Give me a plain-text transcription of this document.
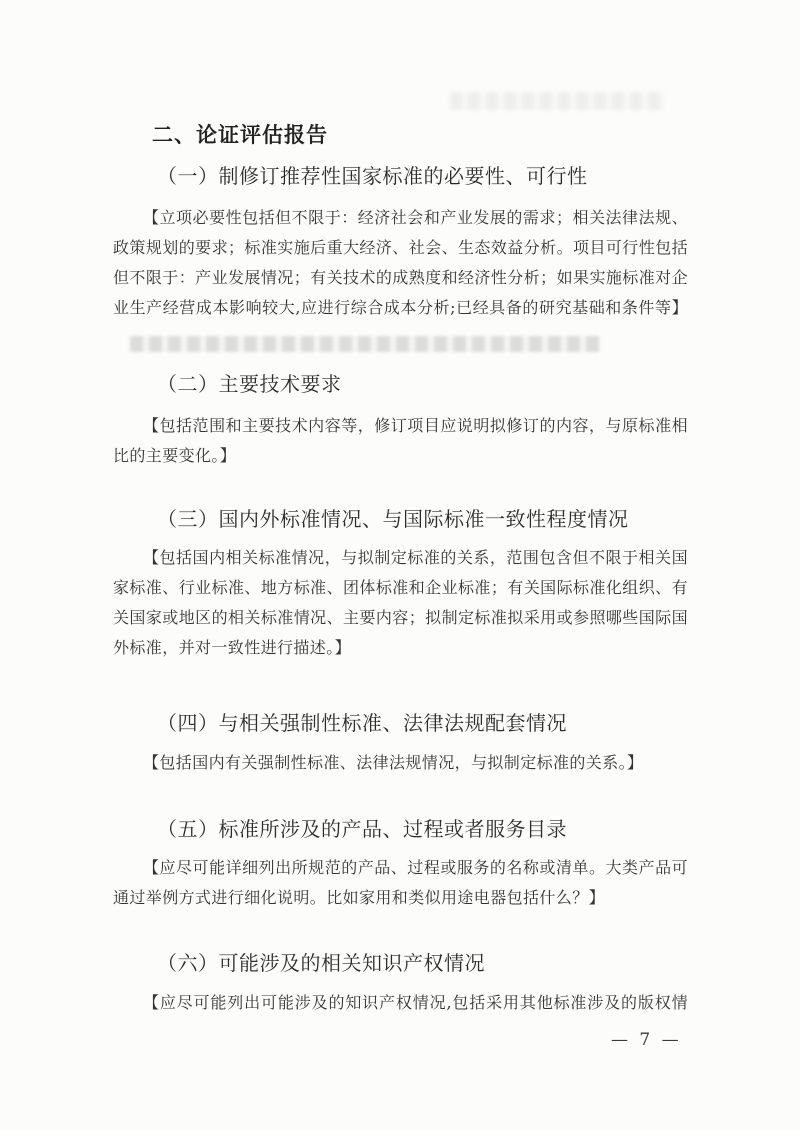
二、论证评估报告
（一）制修订推荐性国家标准的必要性、可行性
【立项必要性包括但不限于：经济社会和产业发展的需求；相关法律法规、
政策规划的要求；标准实施后重大经济、社会、生态效益分析。项目可行性包括
但不限于：产业发展情况；有关技术的成熟度和经济性分析；如果实施标准对企
业生产经营成本影响较大,应进行综合成本分析;已经具备的研究基础和条件等】
（二）主要技术要求
【包括范围和主要技术内容等，修订项目应说明拟修订的内容，与原标准相
比的主要变化。】
（三）国内外标准情况、与国际标准一致性程度情况
【包括国内相关标准情况，与拟制定标准的关系，范围包含但不限于相关国
家标准、行业标准、地方标准、团体标准和企业标准；有关国际标准化组织、有
关国家或地区的相关标准情况、主要内容；拟制定标准拟采用或参照哪些国际国
外标准，并对一致性进行描述。】
（四）与相关强制性标准、法律法规配套情况
【包括国内有关强制性标准、法律法规情况，与拟制定标准的关系。】
（五）标准所涉及的产品、过程或者服务目录
【应尽可能详细列出所规范的产品、过程或服务的名称或清单。大类产品可
通过举例方式进行细化说明。比如家用和类似用途电器包括什么？】
（六）可能涉及的相关知识产权情况
【应尽可能列出可能涉及的知识产权情况,包括采用其他标准涉及的版权情
— 7 —
